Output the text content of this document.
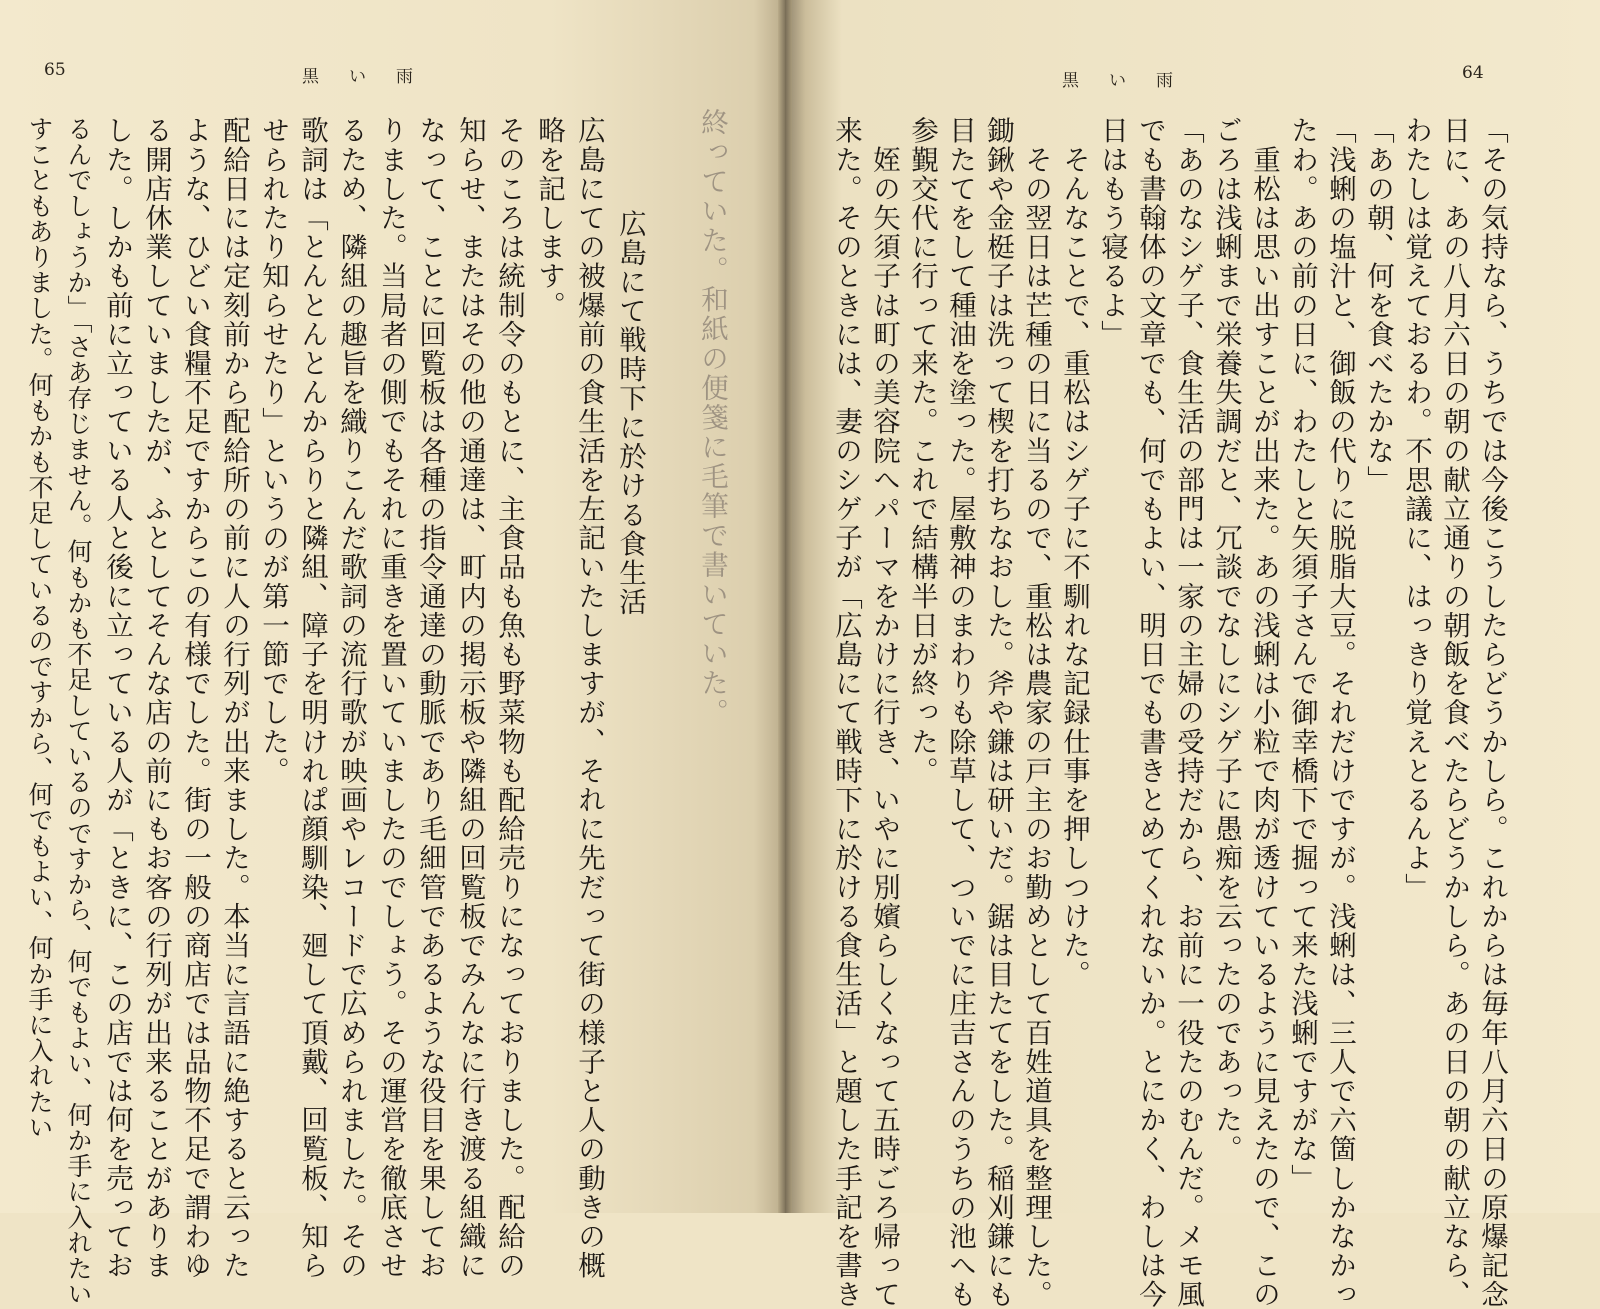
65	黒い雨	64
黒い雨
終っていた。和紙の便箋に毛筆で書いていた。
　広島にて戦時下に於ける食生活
広島にての被爆前の食生活を左記いたしますが、それに先だって街の様子と人の動きの概
略を記します。
そのころは統制令のもとに、主食品も魚も野菜物も配給売りになっておりました。配給の
知らせ、またはその他の通達は、町内の掲示板や隣組の回覧板でみんなに行き渡る組織に
なって、ことに回覧板は各種の指令通達の動脈であり毛細管であるような役目を果してお
りました。当局者の側でもそれに重きを置いていましたのでしょう。その運営を徹底させ
るため、隣組の趣旨を織りこんだ歌詞の流行歌が映画やレコードで広められました。その
歌詞は「とんとんとんからりと隣組、障子を明けれぱ顔馴染、廻して頂戴、回覧板、知ら
せられたり知らせたり」というのが第一節でした。
配給日には定刻前から配給所の前に人の行列が出来ました。本当に言語に絶すると云った
ような、ひどい食糧不足ですからこの有様でした。街の一般の商店では品物不足で謂わゆ
る開店休業していましたが、ふとしてそんな店の前にもお客の行列が出来ることがありま
した。しかも前に立っている人と後に立っている人が「ときに、この店では何を売ってお
るんでしょうか」「さあ存じません。何もかも不足しているのですから、何でもよい、何か手に入れたい
すこともありました。何もかも不足しているのですから、何でもよい、何か手に入れたい	「その気持なら、うちでは今後こうしたらどうかしら。これからは毎年八月六日の原爆記念
日に、あの八月六日の朝の献立通りの朝飯を食べたらどうかしら。あの日の朝の献立なら、
わたしは覚えておるわ。不思議に、はっきり覚えとるんよ」
「あの朝、何を食べたかな」
「浅蜊の塩汁と、御飯の代りに脱脂大豆。それだけですが。浅蜊は、三人で六箇しかなかっ
たわ。あの前の日に、わたしと矢須子さんで御幸橋下で掘って来た浅蜊ですがな」
　重松は思い出すことが出来た。あの浅蜊は小粒で肉が透けているように見えたので、この
ごろは浅蜊まで栄養失調だと、冗談でなしにシゲ子に愚痴を云ったのであった。
「あのなシゲ子、食生活の部門は一家の主婦の受持だから、お前に一役たのむんだ。メモ風
でも書翰体の文章でも、何でもよい、明日でも書きとめてくれないか。とにかく、わしは今
日はもう寝るよ」
　そんなことで、重松はシゲ子に不馴れな記録仕事を押しつけた。
　その翌日は芒種の日に当るので、重松は農家の戸主のお勤めとして百姓道具を整理した。
鋤鍬や金梃子は洗って楔を打ちなおした。斧や鎌は研いだ。鋸は目たてをした。稲刈鎌にも
目たてをして種油を塗った。屋敷神のまわりも除草して、ついでに庄吉さんのうちの池へも
参覲交代に行って来た。これで結構半日が終った。
　姪の矢須子は町の美容院へパーマをかけに行き、いやに別嬪らしくなって五時ごろ帰って
来た。そのときには、妻のシゲ子が「広島にて戦時下に於ける食生活」と題した手記を書き
